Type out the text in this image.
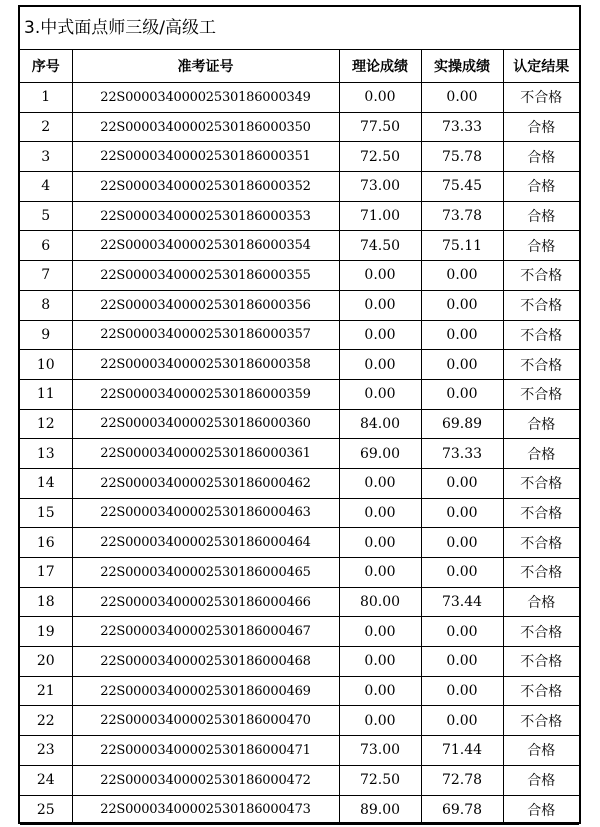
3.中式面点师三级/高级工
序号	准考证号	理论成绩	实操成绩	认定结果
1	22S00003400002530186000349	0.00	0.00	不合格
2	22S00003400002530186000350	77.50	73.33	合格
3	22S00003400002530186000351	72.50	75.78	合格
4	22S00003400002530186000352	73.00	75.45	合格
5	22S00003400002530186000353	71.00	73.78	合格
6	22S00003400002530186000354	74.50	75.11	合格
7	22S00003400002530186000355	0.00	0.00	不合格
8	22S00003400002530186000356	0.00	0.00	不合格
9	22S00003400002530186000357	0.00	0.00	不合格
10	22S00003400002530186000358	0.00	0.00	不合格
11	22S00003400002530186000359	0.00	0.00	不合格
12	22S00003400002530186000360	84.00	69.89	合格
13	22S00003400002530186000361	69.00	73.33	合格
14	22S00003400002530186000462	0.00	0.00	不合格
15	22S00003400002530186000463	0.00	0.00	不合格
16	22S00003400002530186000464	0.00	0.00	不合格
17	22S00003400002530186000465	0.00	0.00	不合格
18	22S00003400002530186000466	80.00	73.44	合格
19	22S00003400002530186000467	0.00	0.00	不合格
20	22S00003400002530186000468	0.00	0.00	不合格
21	22S00003400002530186000469	0.00	0.00	不合格
22	22S00003400002530186000470	0.00	0.00	不合格
23	22S00003400002530186000471	73.00	71.44	合格
24	22S00003400002530186000472	72.50	72.78	合格
25	22S00003400002530186000473	89.00	69.78	合格
